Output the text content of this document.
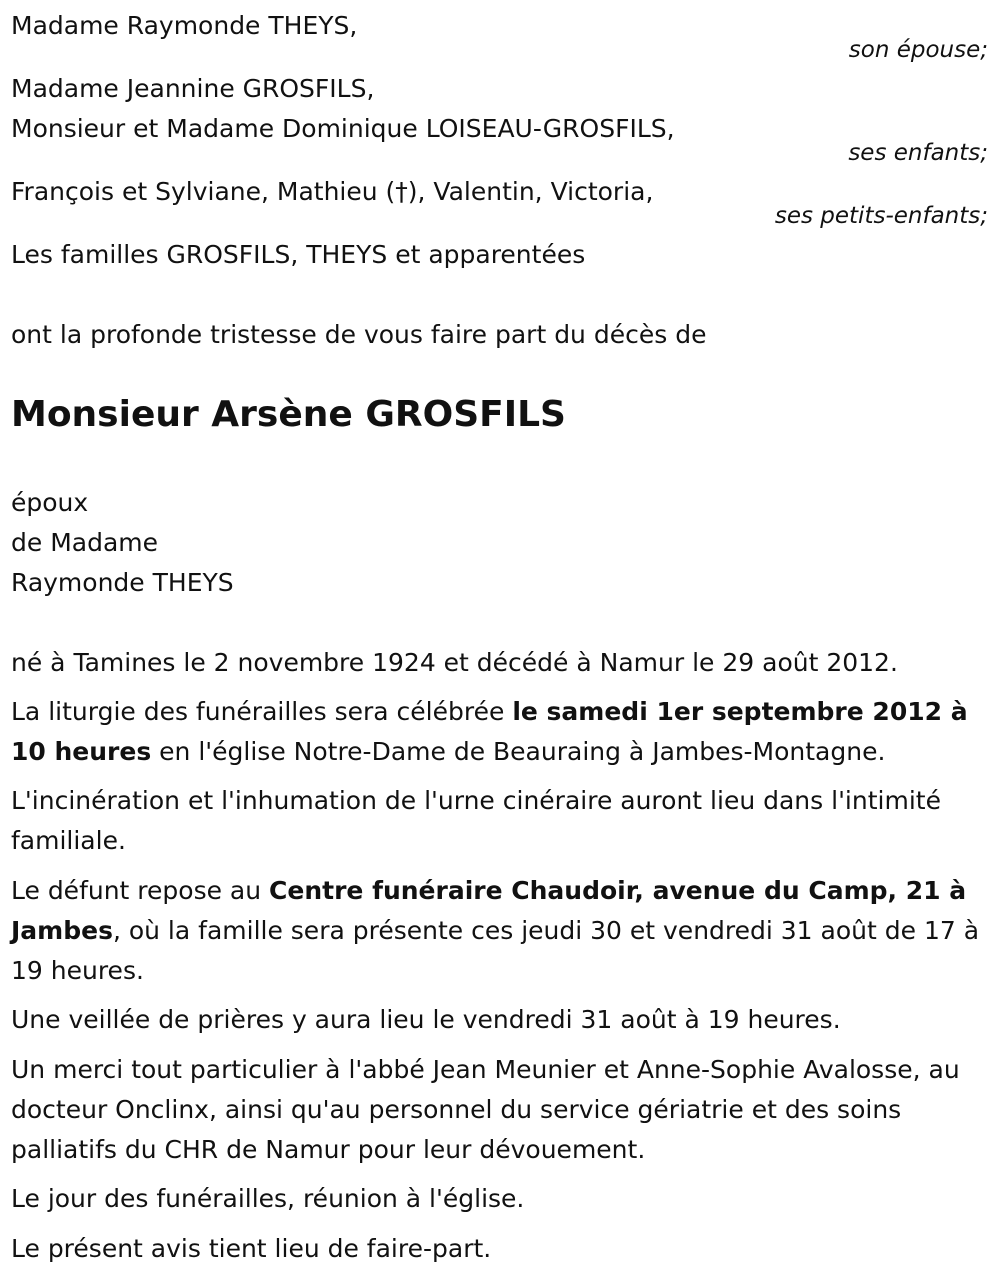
Madame Raymonde THEYS,
son épouse;
Madame Jeannine GROSFILS,
Monsieur et Madame Dominique LOISEAU-GROSFILS,
ses enfants;
François et Sylviane, Mathieu (†), Valentin, Victoria,
ses petits-enfants;
Les familles GROSFILS, THEYS et apparentées
ont la profonde tristesse de vous faire part du décès de
Monsieur Arsène GROSFILS
époux
de Madame
Raymonde THEYS
né à Tamines le 2 novembre 1924 et décédé à Namur le 29 août 2012.
La liturgie des funérailles sera célébrée le samedi 1er septembre 2012 à 10 heures en l'église Notre-Dame de Beauraing à Jambes-Montagne.
L'incinération et l'inhumation de l'urne cinéraire auront lieu dans l'intimité familiale.
Le défunt repose au Centre funéraire Chaudoir, avenue du Camp, 21 à Jambes, où la famille sera présente ces jeudi 30 et vendredi 31 août de 17 à 19 heures.
Une veillée de prières y aura lieu le vendredi 31 août à 19 heures.
Un merci tout particulier à l'abbé Jean Meunier et Anne-Sophie Avalosse, au docteur Onclinx, ainsi qu'au personnel du service gériatrie et des soins palliatifs du CHR de Namur pour leur dévouement.
Le jour des funérailles, réunion à l'église.
Le présent avis tient lieu de faire-part.
